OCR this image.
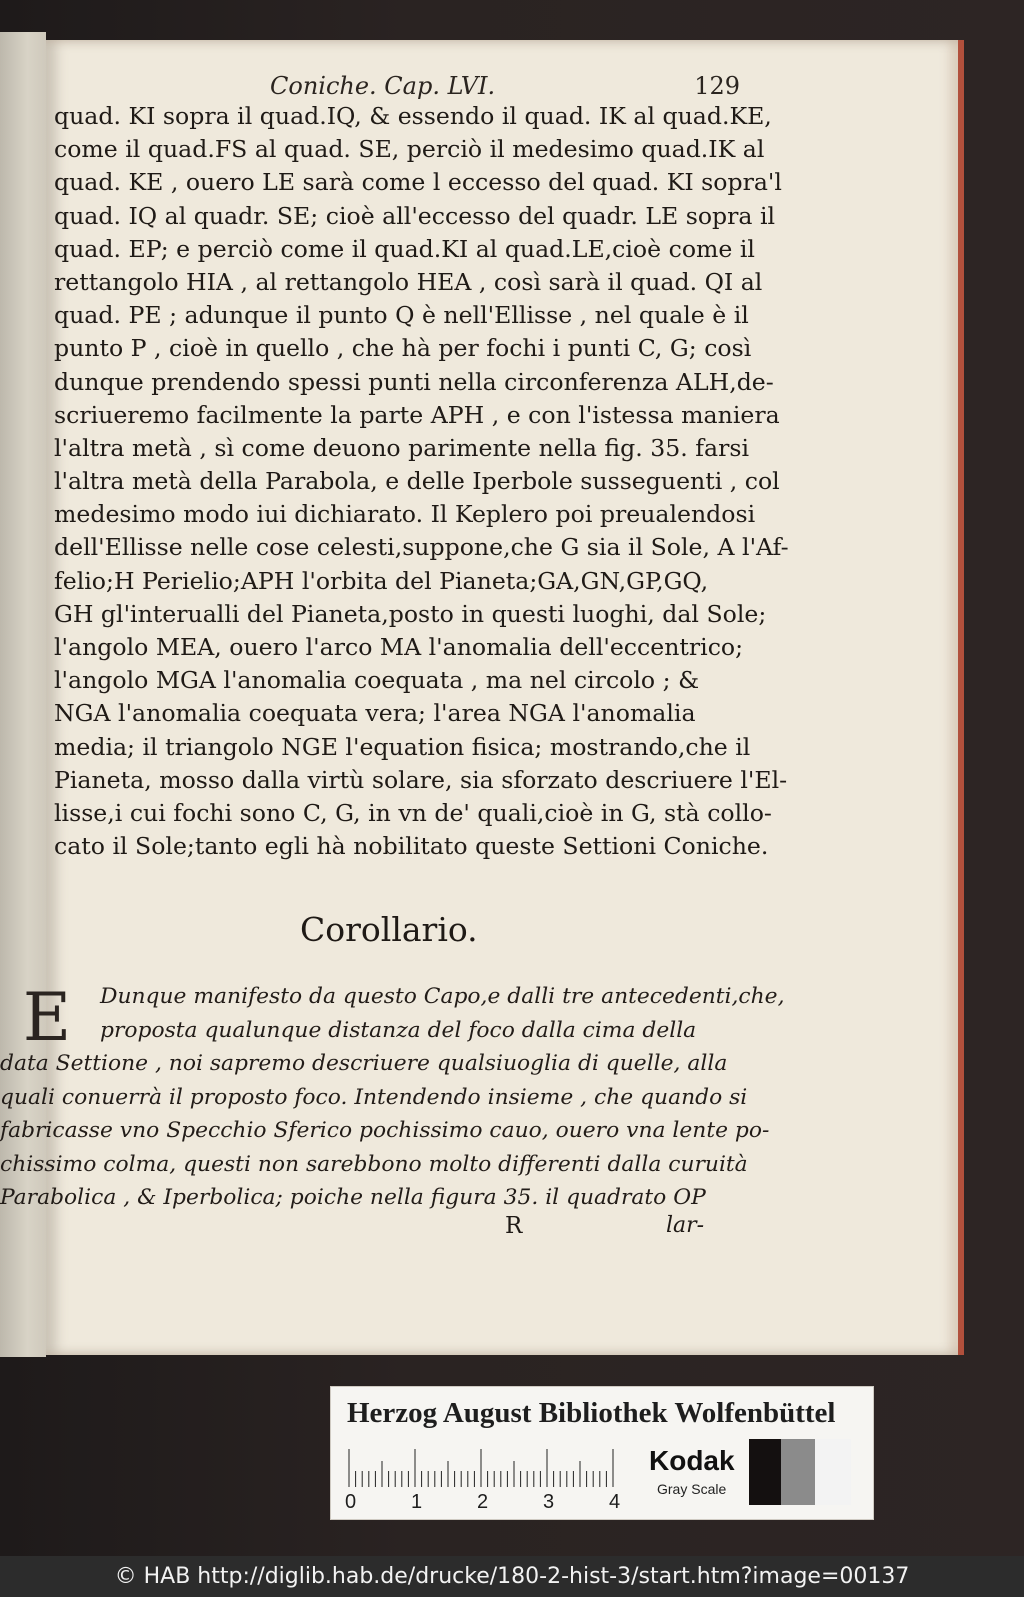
Coniche. Cap. LVI.	129
quad. KI sopra il quad.IQ, & essendo il quad. IK al quad.KE,
come il quad.FS al quad. SE, perciò il medesimo quad.IK al
quad. KE , ouero LE sarà come l eccesso del quad. KI sopra'l
quad. IQ al quadr. SE; cioè all'eccesso del quadr. LE sopra il
quad. EP; e perciò come il quad.KI al quad.LE,cioè come il
rettangolo HIA , al rettangolo HEA , così sarà il quad. QI al
quad. PE ; adunque il punto Q è nell'Ellisse , nel quale è il
punto P , cioè in quello , che hà per fochi i punti C, G; così
dunque prendendo spessi punti nella circonferenza ALH,de-
scriueremo facilmente la parte APH , e con l'istessa maniera
l'altra metà , sì come deuono parimente nella fig. 35. farsi
l'altra metà della Parabola, e delle Iperbole susseguenti , col
medesimo modo iui dichiarato. Il Keplero poi preualendosi
dell'Ellisse nelle cose celesti,suppone,che G sia il Sole, A l'Af-
felio;H Perielio;APH l'orbita del Pianeta;GA,GN,GP,GQ,
GH gl'interualli del Pianeta,posto in questi luoghi, dal Sole;
l'angolo MEA, ouero l'arco MA l'anomalia dell'eccentrico;
l'angolo MGA l'anomalia coequata , ma nel circolo ; &
NGA l'anomalia coequata vera; l'area NGA l'anomalia
media; il triangolo NGE l'equation fisica; mostrando,che il
Pianeta, mosso dalla virtù solare, sia sforzato descriuere l'El-
lisse,i cui fochi sono C, G, in vn de' quali,cioè in G, stà collo-
cato il Sole;tanto egli hà nobilitato queste Settioni Coniche.
Corollario.
E	Dunque manifesto da questo Capo,e dalli tre antecedenti,che,
proposta qualunque distanza del foco dalla cima della
data Settione , noi sapremo descriuere qualsiuoglia di quelle, alla
quali conuerrà il proposto foco. Intendendo insieme , che quando si
fabricasse vno Specchio Sferico pochissimo cauo, ouero vna lente po-
chissimo colma, questi non sarebbono molto differenti dalla curuità
Parabolica , & Iperbolica; poiche nella figura 35. il quadrato OP
R	lar-
Herzog August Bibliothek Wolfenbüttel
0	1	2	3	4
Kodak
Gray Scale
© HAB http://diglib.hab.de/drucke/180-2-hist-3/start.htm?image=00137
